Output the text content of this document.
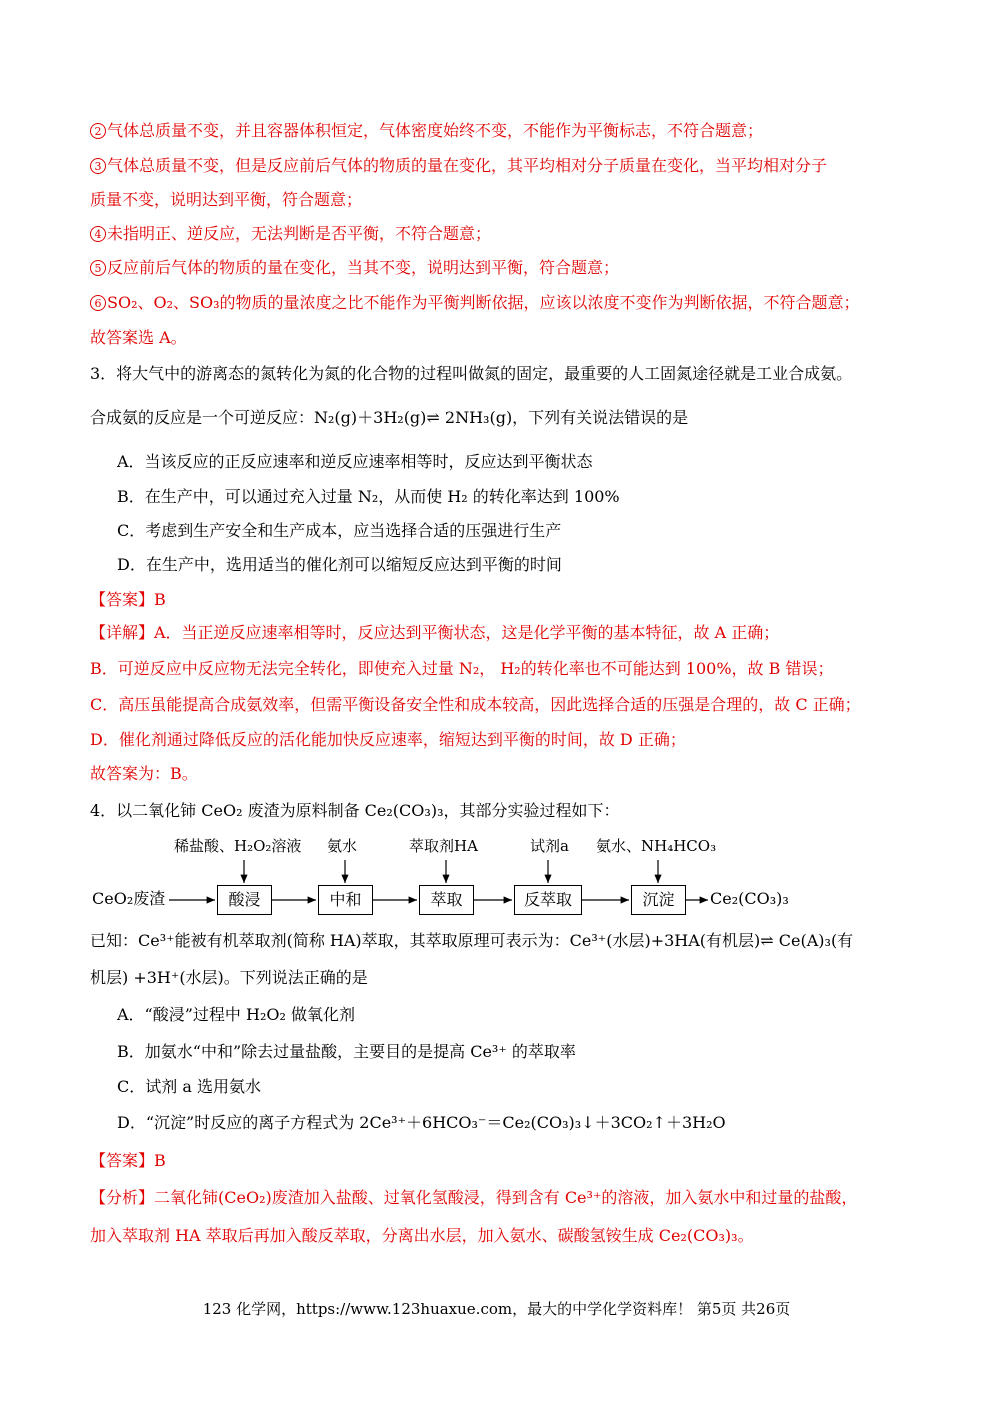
2 气体总质量不变，并且容器体积恒定，气体密度始终不变，不能作为平衡标志，不符合题意；
3 气体总质量不变，但是反应前后气体的物质的量在变化，其平均相对分子质量在变化，当平均相对分子
质量不变，说明达到平衡，符合题意；
4 未指明正、逆反应，无法判断是否平衡，不符合题意；
5 反应前后气体的物质的量在变化，当其不变，说明达到平衡，符合题意；
6 SO₂、O₂、SO₃的物质的量浓度之比不能作为平衡判断依据，应该以浓度不变作为判断依据，不符合题意；
故答案选 A。
3．将大气中的游离态的氮转化为氮的化合物的过程叫做氮的固定，最重要的人工固氮途径就是工业合成氨。
合成氨的反应是一个可逆反应：N₂(g)＋3H₂(g)⇌ 2NH₃(g)，下列有关说法错误的是
A．当该反应的正反应速率和逆反应速率相等时，反应达到平衡状态
B．在生产中，可以通过充入过量 N₂，从而使 H₂ 的转化率达到 100%
C．考虑到生产安全和生产成本，应当选择合适的压强进行生产
D．在生产中，选用适当的催化剂可以缩短反应达到平衡的时间
【答案】B
【详解】A．当正逆反应速率相等时，反应达到平衡状态，这是化学平衡的基本特征，故 A 正确；
B．可逆反应中反应物无法完全转化，即使充入过量 N₂， H₂的转化率也不可能达到 100%，故 B 错误；
C．高压虽能提高合成氨效率，但需平衡设备安全性和成本较高，因此选择合适的压强是合理的，故 C 正确；
D．催化剂通过降低反应的活化能加快反应速率，缩短达到平衡的时间，故 D 正确；
故答案为：B。
4．以二氧化铈 CeO₂ 废渣为原料制备 Ce₂(CO₃)₃，其部分实验过程如下：
CeO₂废渣	Ce₂(CO₃)₃
稀盐酸、H₂O₂溶液 氨水	萃取剂HA	试剂a 氨水、NH₄HCO₃
酸浸	中和	萃取	反萃取	沉淀
已知：Ce³⁺能被有机萃取剂(简称 HA)萃取，其萃取原理可表示为：Ce³⁺(水层)+3HA(有机层)⇌ Ce(A)₃(有
机层) +3H⁺(水层)。下列说法正确的是
A．“酸浸”过程中 H₂O₂ 做氧化剂
B．加氨水“中和”除去过量盐酸，主要目的是提高 Ce³⁺ 的萃取率
C．试剂 a 选用氨水
D．“沉淀”时反应的离子方程式为 2Ce³⁺＋6HCO₃⁻＝Ce₂(CO₃)₃↓＋3CO₂↑＋3H₂O
【答案】B
【分析】二氧化铈(CeO₂)废渣加入盐酸、过氧化氢酸浸，得到含有 Ce³⁺的溶液，加入氨水中和过量的盐酸，
加入萃取剂 HA 萃取后再加入酸反萃取，分离出水层，加入氨水、碳酸氢铵生成 Ce₂(CO₃)₃。
123 化学网，https://www.123huaxue.com，最大的中学化学资料库！ 第5页 共26页
